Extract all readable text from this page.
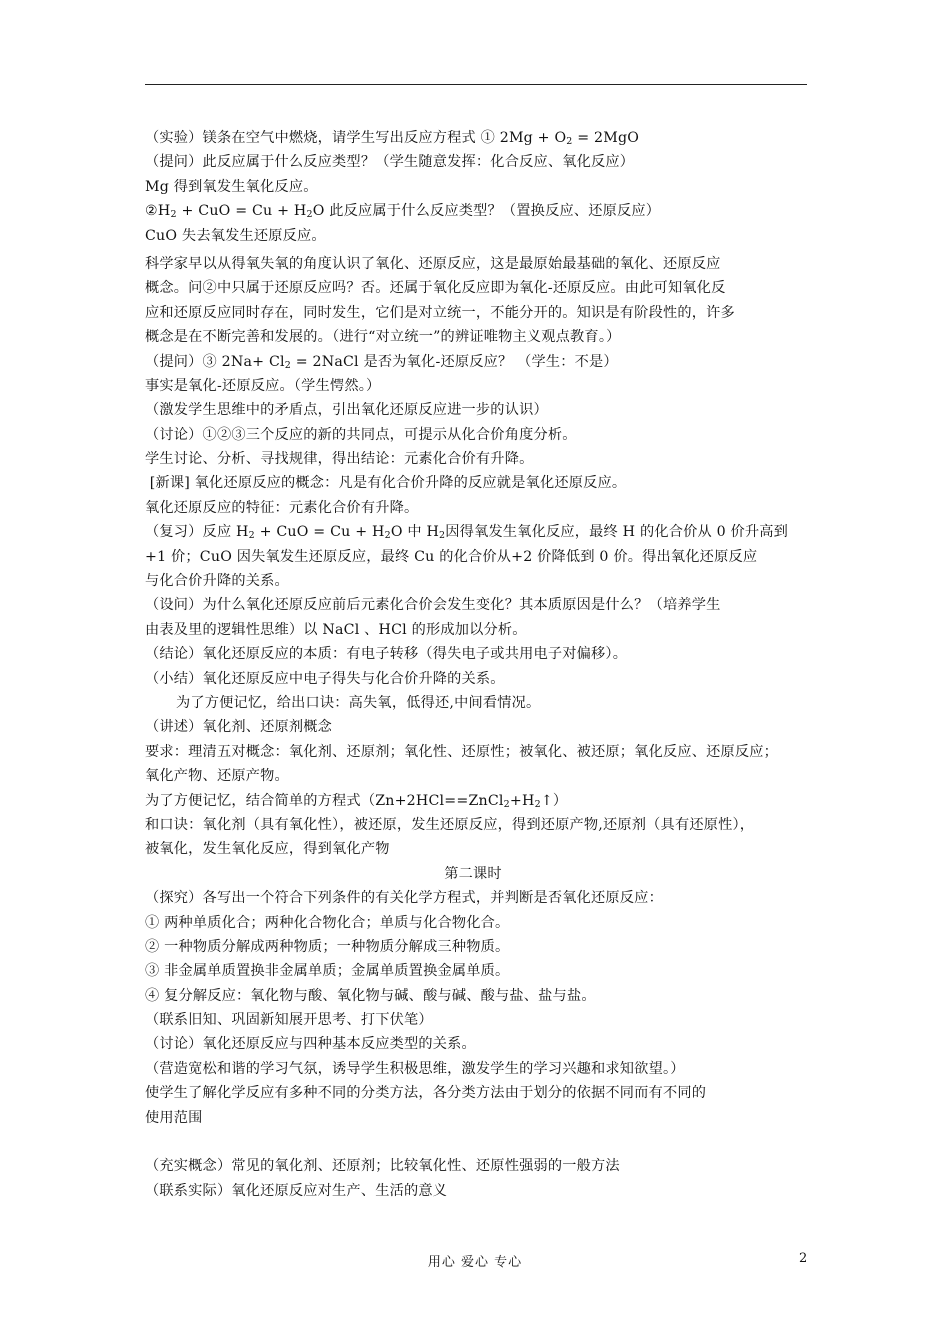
（实验）镁条在空气中燃烧，请学生写出反应方程式 ① $2Mg + O_2 = 2MgO$
（提问）此反应属于什么反应类型？（学生随意发挥：化合反应、氧化反应）
Mg 得到氧发生氧化反应。
$②H_2$ + CuO = $Cu + H_2O$ 此反应属于什么反应类型？（置换反应、还原反应）
CuO 失去氧发生还原反应。
科学家早以从得氧失氧的角度认识了氧化、还原反应，这是最原始最基础的氧化、还原反应
概念。问②中只属于还原反应吗？否。还属于氧化反应即为氧化-还原反应。由此可知氧化反
应和还原反应同时存在，同时发生，它们是对立统一，不能分开的。知识是有阶段性的，许多
概念是在不断完善和发展的。（进行“对立统一”的辨证唯物主义观点教育。）
（提问）③ $2Na+ Cl_2$ = 2NaCl 是否为氧化-还原反应？ （学生：不是）
事实是氧化-还原反应。（学生愕然。）
（激发学生思维中的矛盾点，引出氧化还原反应进一步的认识）
（讨论）①②③三个反应的新的共同点，可提示从化合价角度分析。
学生讨论、分析、寻找规律，得出结论：元素化合价有升降。
[新课] 氧化还原反应的概念：凡是有化合价升降的反应就是氧化还原反应。
氧化还原反应的特征：元素化合价有升降。
（复习）反应 $H_2$ + CuO = $Cu + H_2O$ 中 $H_2$因得氧发生氧化反应，最终 H 的化合价从 0 价升高到
+1 价；CuO 因失氧发生还原反应，最终 Cu 的化合价从+2 价降低到 0 价。得出氧化还原反应
与化合价升降的关系。
（设问）为什么氧化还原反应前后元素化合价会发生变化？其本质原因是什么？（培养学生
由表及里的逻辑性思维）以 NaCl 、HCl 的形成加以分析。
（结论）氧化还原反应的本质：有电子转移（得失电子或共用电子对偏移）。
（小结）氧化还原反应中电子得失与化合价升降的关系。
为了方便记忆，给出口诀：高失氧，低得还,中间看情况。
（讲述）氧化剂、还原剂概念
要求：理清五对概念：氧化剂、还原剂；氧化性、还原性；被氧化、被还原；氧化反应、还原反应；
氧化产物、还原产物。
为了方便记忆，结合简单的方程式$(Zn+2HCl==ZnCl_2+H_2↑)$
和口诀：氧化剂（具有氧化性），被还原，发生还原反应，得到还原产物,还原剂（具有还原性），
被氧化，发生氧化反应，得到氧化产物
第二课时
（探究）各写出一个符合下列条件的有关化学方程式，并判断是否氧化还原反应：
① 两种单质化合；两种化合物化合；单质与化合物化合。
② 一种物质分解成两种物质；一种物质分解成三种物质。
③ 非金属单质置换非金属单质；金属单质置换金属单质。
④ 复分解反应：氧化物与酸、氧化物与碱、酸与碱、酸与盐、盐与盐。
（联系旧知、巩固新知展开思考、打下伏笔）
（讨论）氧化还原反应与四种基本反应类型的关系。
（营造宽松和谐的学习气氛，诱导学生积极思维，激发学生的学习兴趣和求知欲望。）
使学生了解化学反应有多种不同的分类方法，各分类方法由于划分的依据不同而有不同的
使用范围
（充实概念）常见的氧化剂、还原剂；比较氧化性、还原性强弱的一般方法
（联系实际）氧化还原反应对生产、生活的意义
用心 爱心 专心	2
